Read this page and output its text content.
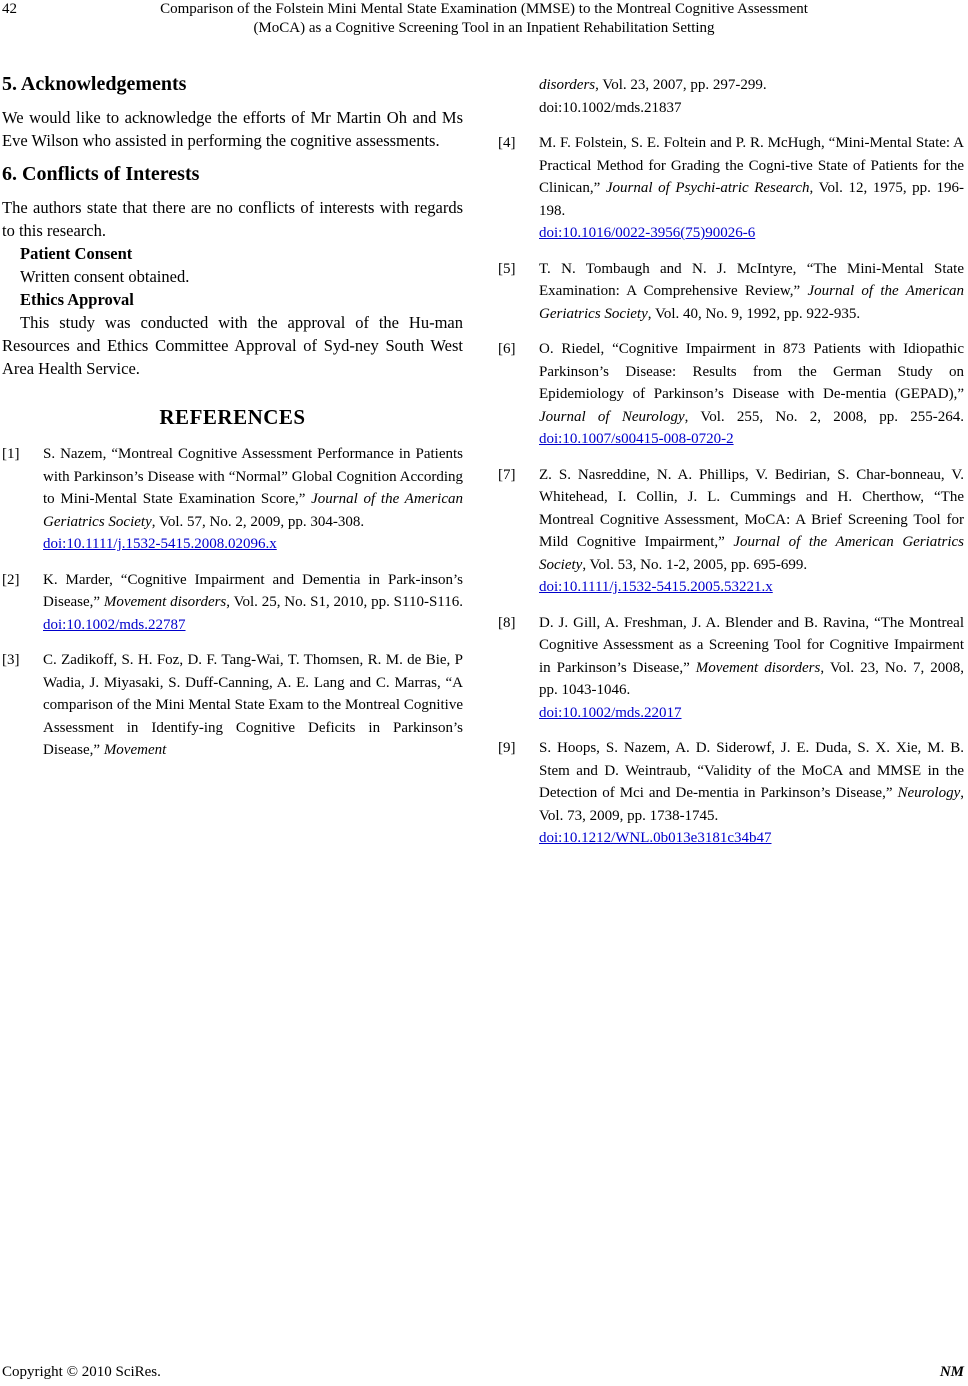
42	Comparison of the Folstein Mini Mental State Examination (MMSE) to the Montreal Cognitive Assessment
(MoCA) as a Cognitive Screening Tool in an Inpatient Rehabilitation Setting
5. Acknowledgements

We would like to acknowledge the efforts of Mr Martin Oh and Ms Eve Wilson who assisted in performing the cognitive assessments.

6. Conflicts of Interests

The authors state that there are no conflicts of interests with regards to this research.

Patient Consent
Written consent obtained.
Ethics Approval

This study was conducted with the approval of the Hu-man Resources and Ethics Committee Approval of Syd-ney South West Area Health Service.

REFERENCES
[1] S. Nazem, “Montreal Cognitive Assessment Performance in Patients with Parkinson’s Disease with “Normal” Global Cognition According to Mini-Mental State Examination Score,” Journal of the American Geriatrics Society, Vol. 57, No. 2, 2009, pp. 304-308.
doi:10.1111/j.1532-5415.2008.02096.x
[2] K. Marder, “Cognitive Impairment and Dementia in Park-inson’s Disease,” Movement disorders, Vol. 25, No. S1, 2010, pp. S110-S116. doi:10.1002/mds.22787
[3] C. Zadikoff, S. H. Foz, D. F. Tang-Wai, T. Thomsen, R. M. de Bie, P Wadia, J. Miyasaki, S. Duff-Canning, A. E. Lang and C. Marras, “A comparison of the Mini Mental State Exam to the Montreal Cognitive Assessment in Identify-ing Cognitive Deficits in Parkinson’s Disease,” Movement
disorders, Vol. 23, 2007, pp. 297-299.
doi:10.1002/mds.21837
[4] M. F. Folstein, S. E. Foltein and P. R. McHugh, “Mini-Mental State: A Practical Method for Grading the Cogni-tive State of Patients for the Clinican,” Journal of Psychi-atric Research, Vol. 12, 1975, pp. 196-198.
doi:10.1016/0022-3956(75)90026-6
[5] T. N. Tombaugh and N. J. McIntyre, “The Mini-Mental State Examination: A Comprehensive Review,” Journal of the American Geriatrics Society, Vol. 40, No. 9, 1992, pp. 922-935.
[6] O. Riedel, “Cognitive Impairment in 873 Patients with Idiopathic Parkinson’s Disease: Results from the German Study on Epidemiology of Parkinson’s Disease with De-mentia (GEPAD),” Journal of Neurology, Vol. 255, No. 2, 2008, pp. 255-264. doi:10.1007/s00415-008-0720-2
[7] Z. S. Nasreddine, N. A. Phillips, V. Bedirian, S. Char-bonneau, V. Whitehead, I. Collin, J. L. Cummings and H. Cherthow, “The Montreal Cognitive Assessment, MoCA: A Brief Screening Tool for Mild Cognitive Impairment,” Journal of the American Geriatrics Society, Vol. 53, No. 1-2, 2005, pp. 695-699.
doi:10.1111/j.1532-5415.2005.53221.x
[8] D. J. Gill, A. Freshman, J. A. Blender and B. Ravina, “The Montreal Cognitive Assessment as a Screening Tool for Cognitive Impairment in Parkinson’s Disease,” Movement disorders, Vol. 23, No. 7, 2008, pp. 1043-1046.
doi:10.1002/mds.22017
[9] S. Hoops, S. Nazem, A. D. Siderowf, J. E. Duda, S. X. Xie, M. B. Stem and D. Weintraub, “Validity of the MoCA and MMSE in the Detection of Mci and De-mentia in Parkinson’s Disease,” Neurology, Vol. 73, 2009, pp. 1738-1745.
doi:10.1212/WNL.0b013e3181c34b47
Copyright © 2010 SciRes.	NM
